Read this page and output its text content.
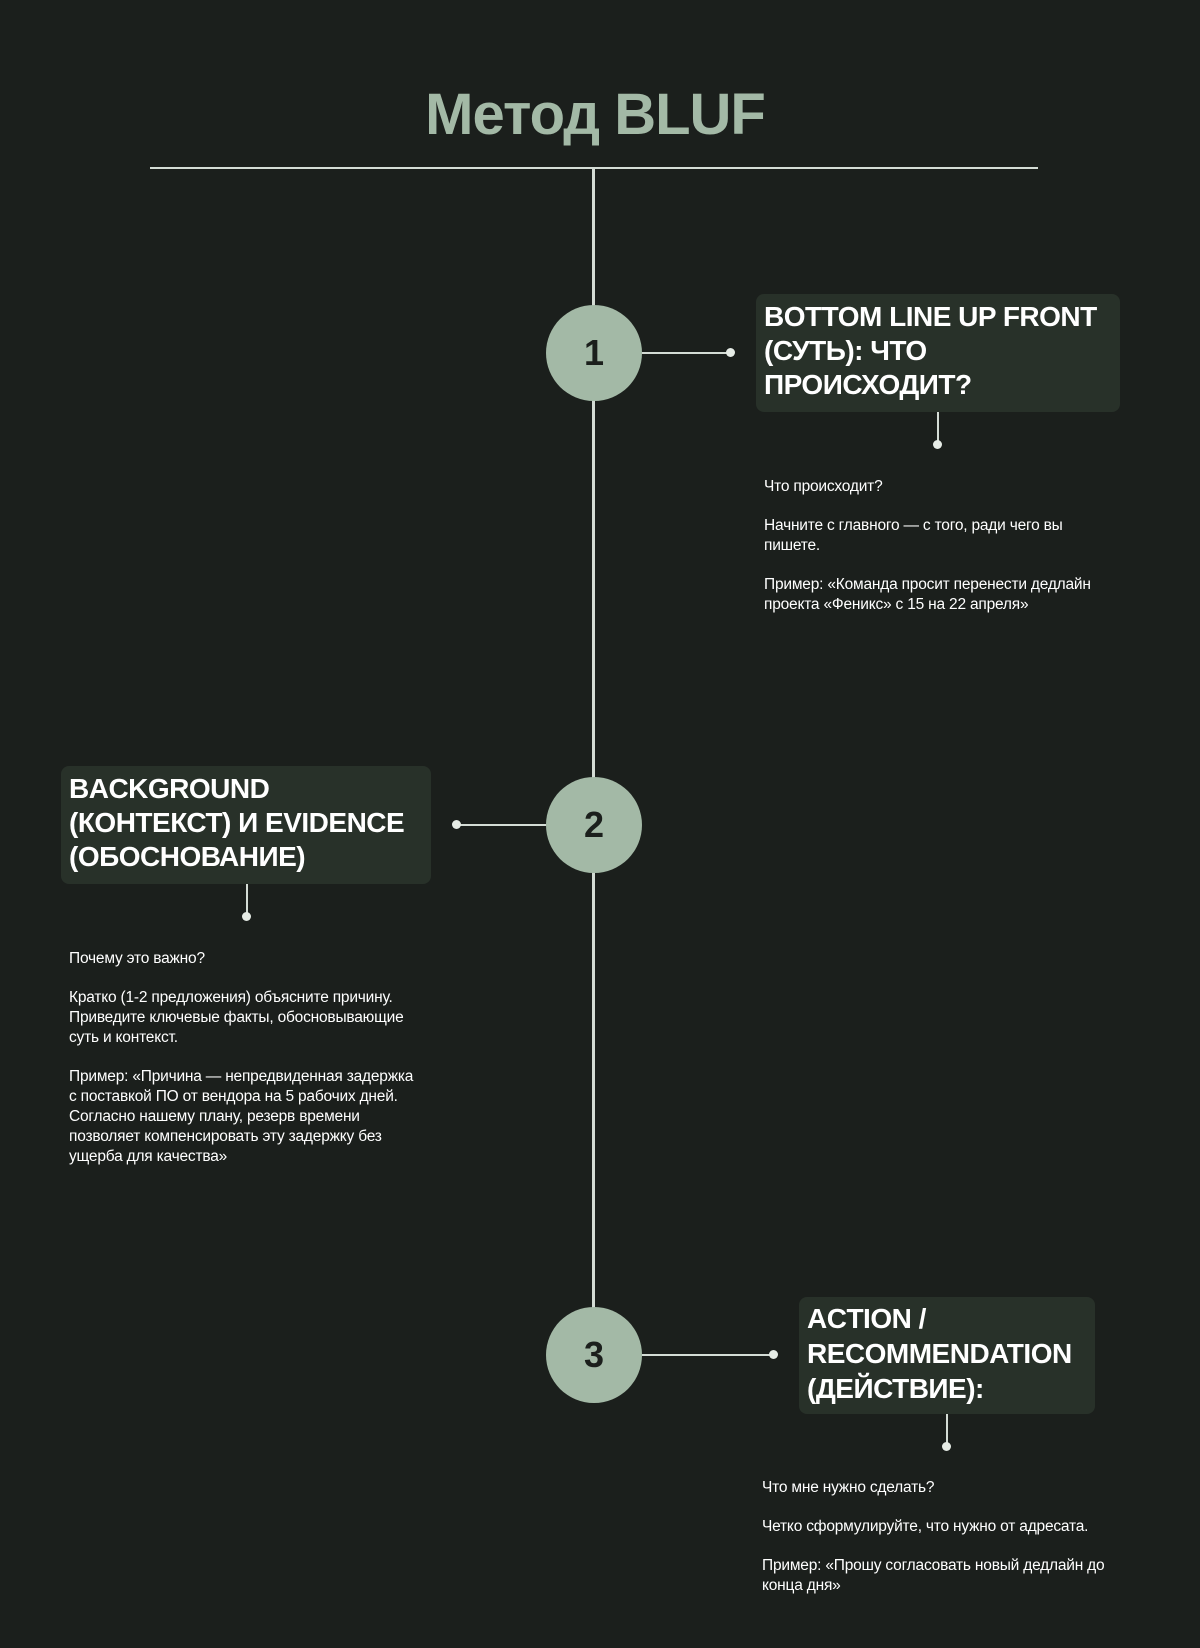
Метод BLUF
1
BOTTOM LINE UP FRONT (СУТЬ): ЧТО ПРОИСХОДИТ?

Что происходит?

Начните с главного — с того, ради чего вы пишете.

Пример: «Команда просит перенести дедлайн проекта «Феникс» с 15 на 22 апреля»

2
BACKGROUND (КОНТЕКСТ) И EVIDENCE (ОБОСНОВАНИЕ)

Почему это важно?

Кратко (1-2 предложения) объясните причину. Приведите ключевые факты, обосновывающие суть и контекст.

Пример: «Причина — непредвиденная задержка с поставкой ПО от вендора на 5 рабочих дней. Согласно нашему плану, резерв времени позволяет компенсировать эту задержку без ущерба для качества»

3
ACTION / RECOMMENDATION (ДЕЙСТВИЕ):

Что мне нужно сделать?

Четко сформулируйте, что нужно от адресата.

Пример: «Прошу согласовать новый дедлайн до конца дня»
